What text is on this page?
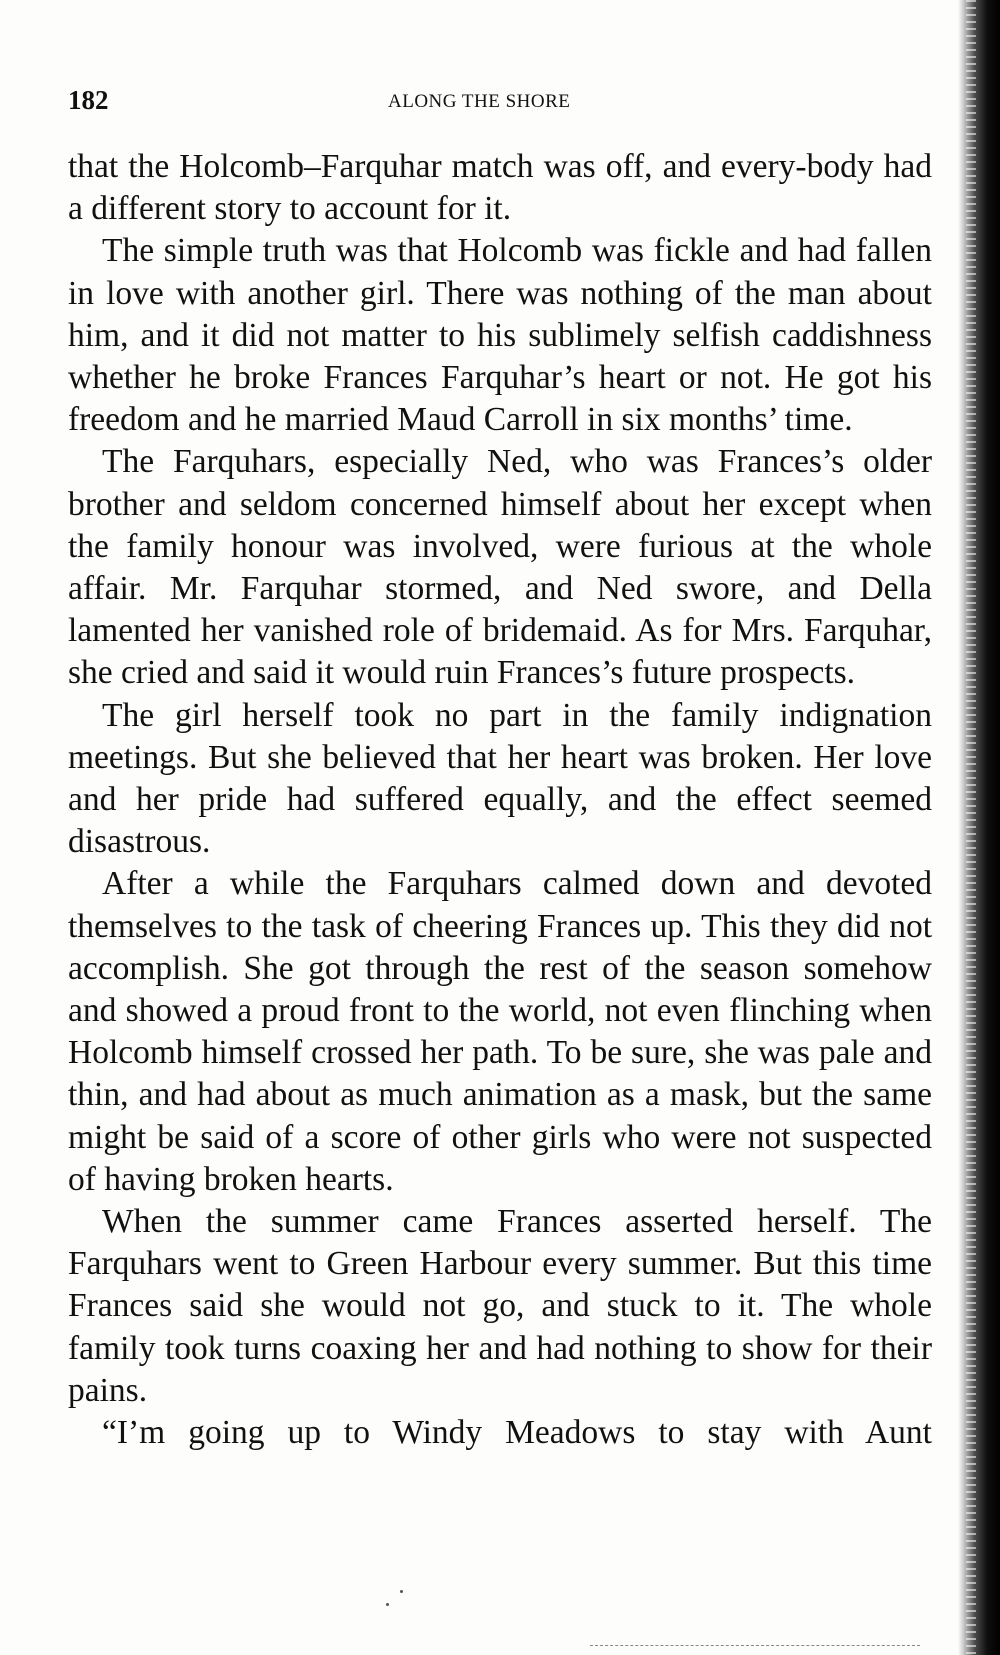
182	ALONG THE SHORE

that the Holcomb–Farquhar match was off, and every-body had a different story to account for it.

The simple truth was that Holcomb was fickle and had fallen in love with another girl. There was nothing of the man about him, and it did not matter to his sublimely selfish caddishness whether he broke Frances Farquhar’s heart or not. He got his freedom and he married Maud Carroll in six months’ time.

The Farquhars, especially Ned, who was Frances’s older brother and seldom concerned himself about her except when the family honour was involved, were furious at the whole affair. Mr. Farquhar stormed, and Ned swore, and Della lamented her vanished role of bridemaid. As for Mrs. Farquhar, she cried and said it would ruin Frances’s future prospects.

The girl herself took no part in the family indignation meetings. But she believed that her heart was broken. Her love and her pride had suffered equally, and the effect seemed disastrous.

After a while the Farquhars calmed down and devoted themselves to the task of cheering Frances up. This they did not accomplish. She got through the rest of the season somehow and showed a proud front to the world, not even flinching when Holcomb himself crossed her path. To be sure, she was pale and thin, and had about as much animation as a mask, but the same might be said of a score of other girls who were not suspected of having broken hearts.

When the summer came Frances asserted herself. The Farquhars went to Green Harbour every summer. But this time Frances said she would not go, and stuck to it. The whole family took turns coaxing her and had nothing to show for their pains.

“I’m going up to Windy Meadows to stay with Aunt
